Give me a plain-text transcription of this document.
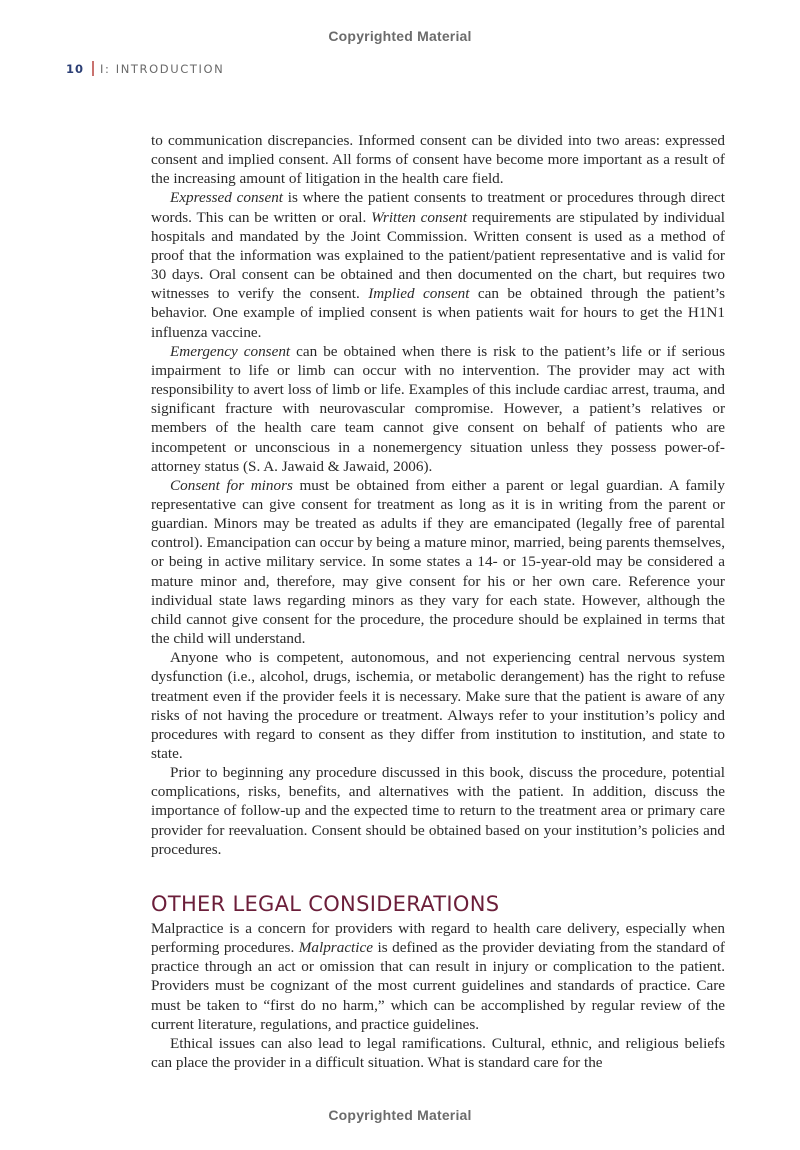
Copyrighted Material
10 I: INTRODUCTION

to communication discrepancies. Informed consent can be divided into two areas: expressed consent and implied consent. All forms of consent have become more important as a result of the increasing amount of litigation in the health care field.

Expressed consent is where the patient consents to treatment or procedures through direct words. This can be written or oral. Written consent requirements are stipulated by individual hospitals and mandated by the Joint Commission. Written consent is used as a method of proof that the information was explained to the patient/patient representative and is valid for 30 days. Oral consent can be obtained and then documented on the chart, but requires two witnesses to verify the consent. Implied consent can be obtained through the patient’s behavior. One example of implied consent is when patients wait for hours to get the H1N1 influenza vaccine.

Emergency consent can be obtained when there is risk to the patient’s life or if serious impairment to life or limb can occur with no intervention. The provider may act with responsibility to avert loss of limb or life. Examples of this include cardiac arrest, trauma, and significant fracture with neurovascular compromise. However, a patient’s relatives or members of the health care team cannot give consent on behalf of patients who are incompetent or unconscious in a nonemergency situation unless they possess power-of-attorney status (S. A. Jawaid & Jawaid, 2006).

Consent for minors must be obtained from either a parent or legal guardian. A family representative can give consent for treatment as long as it is in writing from the parent or guardian. Minors may be treated as adults if they are emancipated (legally free of parental control). Emancipation can occur by being a mature minor, married, being parents themselves, or being in active military service. In some states a 14- or 15-year-old may be considered a mature minor and, therefore, may give consent for his or her own care. Reference your individual state laws regarding minors as they vary for each state. However, although the child cannot give consent for the procedure, the procedure should be explained in terms that the child will understand.

Anyone who is competent, autonomous, and not experiencing central nervous system dysfunction (i.e., alcohol, drugs, ischemia, or metabolic derangement) has the right to refuse treatment even if the provider feels it is necessary. Make sure that the patient is aware of any risks of not having the procedure or treatment. Always refer to your institution’s policy and procedures with regard to consent as they differ from institution to institution, and state to state.

Prior to beginning any procedure discussed in this book, discuss the procedure, potential complications, risks, benefits, and alternatives with the patient. In addition, discuss the importance of follow-up and the expected time to return to the treatment area or primary care provider for reevaluation. Consent should be obtained based on your institution’s policies and procedures.

OTHER LEGAL CONSIDERATIONS

Malpractice is a concern for providers with regard to health care delivery, especially when performing procedures. Malpractice is defined as the provider deviating from the standard of practice through an act or omission that can result in injury or complication to the patient. Providers must be cognizant of the most current guidelines and standards of practice. Care must be taken to “first do no harm,” which can be accomplished by regular review of the current literature, regulations, and practice guidelines.

Ethical issues can also lead to legal ramifications. Cultural, ethnic, and religious beliefs can place the provider in a difficult situation. What is standard care for the

Copyrighted Material
